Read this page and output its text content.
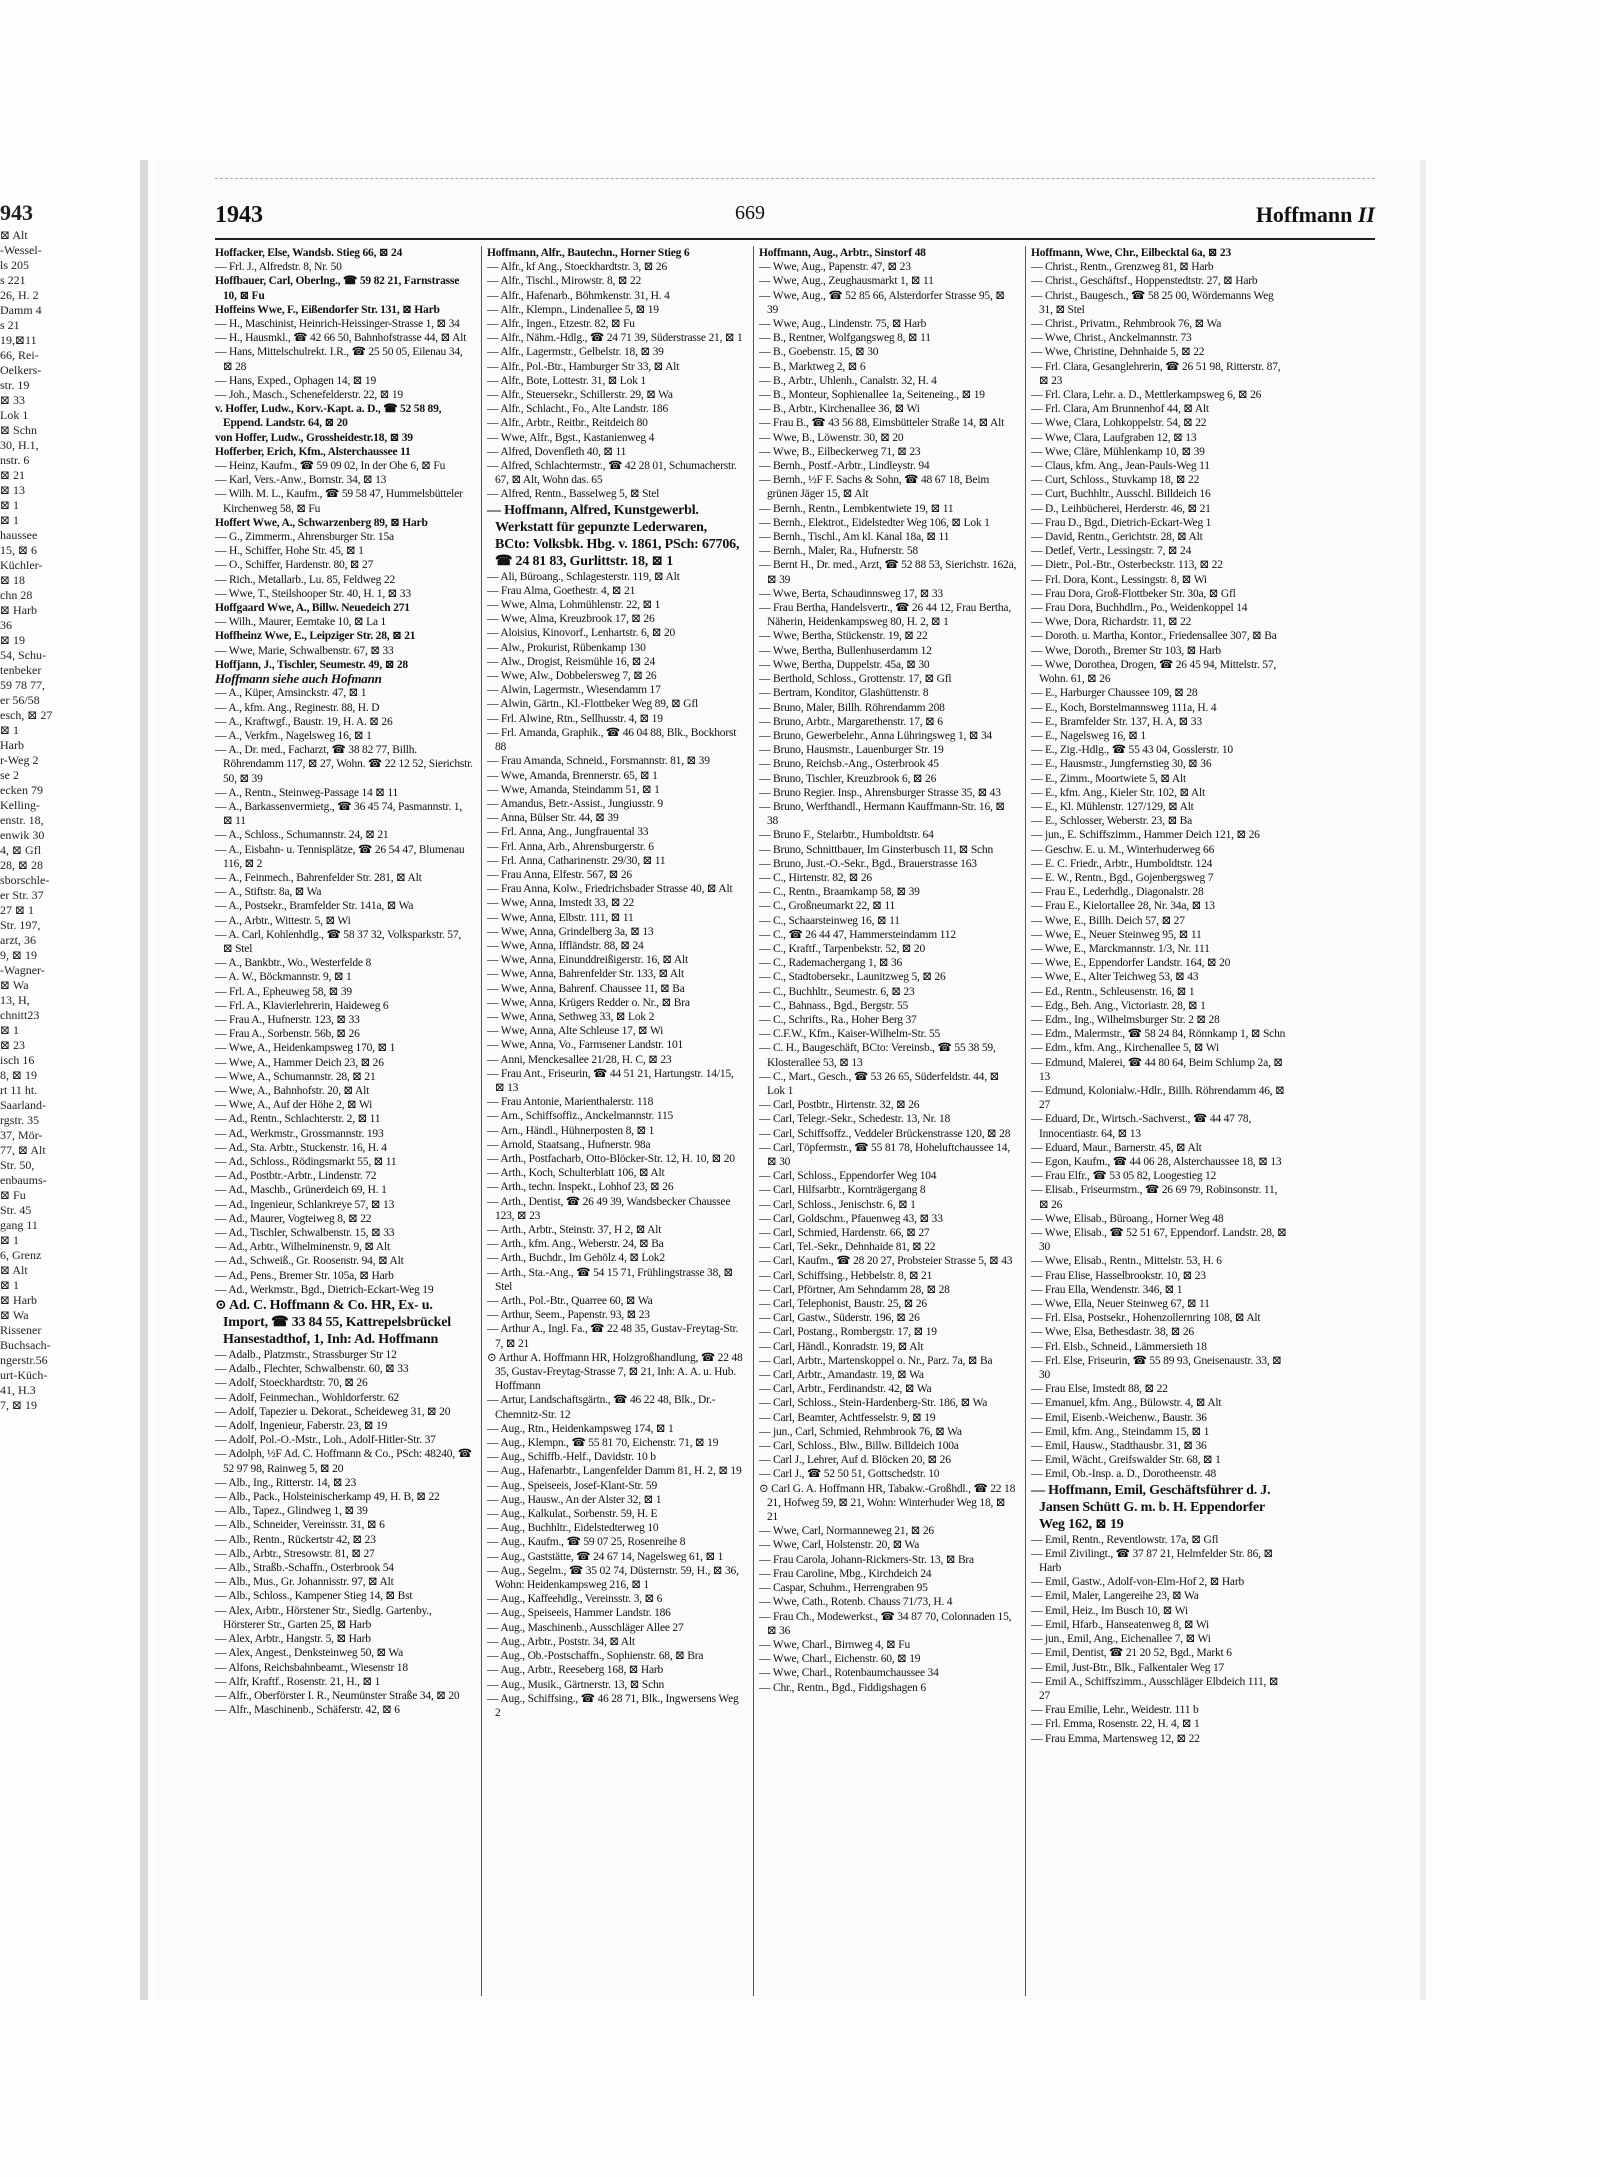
943
⊠ Alt
-Wessel-
ls 205
s 221
26, H. 2
Damm 4
s 21
19,⊠11
66, Rei-
Oelkers-
str. 19
⊠ 33
Lok 1
⊠ Schn
30, H.1,
nstr. 6
⊠ 21
⊠ 13
⊠ 1
⊠ 1
haussee
15, ⊠ 6
Küchler-
⊠ 18
chn 28
⊠ Harb
36
⊠ 19
54, Schu-
tenbeker
59 78 77,
er 56/58
esch, ⊠ 27
⊠ 1
Harb
r-Weg 2
se 2
ecken 79
Kelling-
enstr. 18,
enwik 30
4, ⊠ Gfl
28, ⊠ 28
sborschle-
er Str. 37
27 ⊠ 1
Str. 197,
arzt, 36
9, ⊠ 19
-Wagner-
⊠ Wa
13, H,
chnitt23
⊠ 1
⊠ 23
isch 16
8, ⊠ 19
rt 11 ht.
Saarland-
rgstr. 35
37, Mör-
77, ⊠ Alt
Str. 50,
enbaums-
⊠ Fu
Str. 45
gang 11
⊠ 1
6, Grenz
⊠ Alt
⊠ 1
⊠ Harb
⊠ Wa
Rissener
Buchsach-
ngerstr.56
urt-Küch-
41, H.3
7, ⊠ 19
1943	669	Hoffmann II

Hoffacker, Else, Wandsb. Stieg 66, ⊠ 24

— Frl. J., Alfredstr. 8, Nr. 50

Hoffbauer, Carl, Oberlng., ☎ 59 82 21, Farnstrasse 10, ⊠ Fu

Hoffeins Wwe, F., Eißendorfer Str. 131, ⊠ Harb

— H., Maschinist, Heinrich-Heissinger-Strasse 1, ⊠ 34

— H., Hausmkl., ☎ 42 66 50, Bahnhofstrasse 44, ⊠ Alt

— Hans, Mittelschulrekt. I.R., ☎ 25 50 05, Eilenau 34, ⊠ 28

— Hans, Exped., Ophagen 14, ⊠ 19

— Joh., Masch., Schenefelderstr. 22, ⊠ 19

v. Hoffer, Ludw., Korv.-Kapt. a. D., ☎ 52 58 89, Eppend. Landstr. 64, ⊠ 20

von Hoffer, Ludw., Grossheidestr.18, ⊠ 39

Hofferber, Erich, Kfm., Alsterchaussee 11

— Heinz, Kaufm., ☎ 59 09 02, In der Ohe 6, ⊠ Fu

— Karl, Vers.-Anw., Bornstr. 34, ⊠ 13

— Wilh. M. L., Kaufm., ☎ 59 58 47, Hummelsbütteler Kirchenweg 58, ⊠ Fu

Hoffert Wwe, A., Schwarzenberg 89, ⊠ Harb

— G., Zimmerm., Ahrensburger Str. 15a

— H., Schiffer, Hohe Str. 45, ⊠ 1

— O., Schiffer, Hardenstr. 80, ⊠ 27

— Rich., Metallarb., Lu. 85, Feldweg 22

— Wwe, T., Steilshooper Str. 40, H. 1, ⊠ 33

Hoffgaard Wwe, A., Billw. Neuedeich 271

— Wilh., Maurer, Eemtake 10, ⊠ La 1

Hoffheinz Wwe, E., Leipziger Str. 28, ⊠ 21

— Wwe, Marie, Schwalbenstr. 67, ⊠ 33

Hoffjann, J., Tischler, Seumestr. 49, ⊠ 28

Hoffmann siehe auch Hofmann

— A., Küper, Amsinckstr. 47, ⊠ 1

— A., kfm. Ang., Reginestr. 88, H. D

— A., Kraftwgf., Baustr. 19, H. A. ⊠ 26

— A., Verkfm., Nagelsweg 16, ⊠ 1

— A., Dr. med., Facharzt, ☎ 38 82 77, Billh. Röhrendamm 117, ⊠ 27, Wohn. ☎ 22 12 52, Sierichstr. 50, ⊠ 39

— A., Rentn., Steinweg-Passage 14 ⊠ 11

— A., Barkassenvermietg., ☎ 36 45 74, Pasmannstr. 1, ⊠ 11

— A., Schloss., Schumannstr. 24, ⊠ 21

— A., Eisbahn- u. Tennisplätze, ☎ 26 54 47, Blumenau 116, ⊠ 2

— A., Feinmech., Bahrenfelder Str. 281, ⊠ Alt

— A., Stiftstr. 8a, ⊠ Wa

— A., Postsekr., Bramfelder Str. 141a, ⊠ Wa

— A., Arbtr., Wittestr. 5, ⊠ Wi

— A. Carl, Kohlenhdlg., ☎ 58 37 32, Volksparkstr. 57, ⊠ Stel

— A., Bankbtr., Wo., Westerfelde 8

— A. W., Böckmannstr. 9, ⊠ 1

— Frl. A., Epheuweg 58, ⊠ 39

— Frl. A., Klavierlehrerin, Haideweg 6

— Frau A., Hufnerstr. 123, ⊠ 33

— Frau A., Sorbenstr. 56b, ⊠ 26

— Wwe, A., Heidenkampsweg 170, ⊠ 1

— Wwe, A., Hammer Deich 23, ⊠ 26

— Wwe, A., Schumannstr. 28, ⊠ 21

— Wwe, A., Bahnhofstr. 20, ⊠ Alt

— Wwe, A., Auf der Höhe 2, ⊠ Wi

— Ad., Rentn., Schlachterstr. 2, ⊠ 11

— Ad., Werkmstr., Grossmannstr. 193

— Ad., Sta. Arbtr., Stuckenstr. 16, H. 4

— Ad., Schloss., Rödingsmarkt 55, ⊠ 11

— Ad., Postbtr.-Arbtr., Lindenstr. 72

— Ad., Maschb., Grünerdeich 69, H. 1

— Ad., Ingenieur, Schlankreye 57, ⊠ 13

— Ad., Maurer, Vogteiweg 8, ⊠ 22

— Ad., Tischler, Schwalbenstr. 15, ⊠ 33

— Ad., Arbtr., Wilhelminenstr. 9, ⊠ Alt

— Ad., Schweiß., Gr. Roosenstr. 94, ⊠ Alt

— Ad., Pens., Bremer Str. 105a, ⊠ Harb

— Ad., Werkmstr., Bgd., Dietrich-Eckart-Weg 19

⊙ Ad. C. Hoffmann & Co. HR, Ex- u. Import, ☎ 33 84 55, Kattrepelsbrückel Hansestadthof, 1, Inh: Ad. Hoffmann

— Adalb., Platzmstr., Strassburger Str 12

— Adalb., Flechter, Schwalbenstr. 60, ⊠ 33

— Adolf, Stoeckhardtstr. 70, ⊠ 26

— Adolf, Feinmechan., Wohldorferstr. 62

— Adolf, Tapezier u. Dekorat., Scheideweg 31, ⊠ 20

— Adolf, Ingenieur, Faberstr. 23, ⊠ 19

— Adolf, Pol.-O.-Mstr., Loh., Adolf-Hitler-Str. 37

— Adolph, ½F Ad. C. Hoffmann & Co., PSch: 48240, ☎ 52 97 98, Rainweg 5, ⊠ 20

— Alb., Ing., Ritterstr. 14, ⊠ 23

— Alb., Pack., Holsteinischerkamp 49, H. B, ⊠ 22

— Alb., Tapez., Glindweg 1, ⊠ 39

— Alb., Schneider, Vereinsstr. 31, ⊠ 6

— Alb., Rentn., Rückertstr 42, ⊠ 23

— Alb., Arbtr., Stresowstr. 81, ⊠ 27

— Alb., Straßb.-Schaffn., Osterbrook 54

— Alb., Mus., Gr. Johannisstr. 97, ⊠ Alt

— Alb., Schloss., Kampener Stieg 14, ⊠ Bst

— Alex, Arbtr., Hörstener Str., Siedlg. Gartenby., Hörsterer Str., Garten 25, ⊠ Harb

— Alex, Arbtr., Hangstr. 5, ⊠ Harb

— Alex, Angest., Denksteinweg 50, ⊠ Wa

— Alfons, Reichsbahnbeamt., Wiesenstr 18

— Alfr, Kraftf., Rosenstr. 21, H., ⊠ 1

— Alfr., Oberförster I. R., Neumünster Straße 34, ⊠ 20

— Alfr., Maschinenb., Schäferstr. 42, ⊠ 6

Hoffmann, Alfr., Bautechn., Horner Stieg 6

— Alfr., kf Ang., Stoeckhardtstr. 3, ⊠ 26

— Alfr., Tischl., Mirowstr. 8, ⊠ 22

— Alfr., Hafenarb., Böhmkenstr. 31, H. 4

— Alfr., Klempn., Lindenallee 5, ⊠ 19

— Alfr., Ingen., Etzestr. 82, ⊠ Fu

— Alfr., Nähm.-Hdlg., ☎ 24 71 39, Süderstrasse 21, ⊠ 1

— Alfr., Lagermstr., Gelbelstr. 18, ⊠ 39

— Alfr., Pol.-Btr., Hamburger Str 33, ⊠ Alt

— Alfr., Bote, Lottestr. 31, ⊠ Lok 1

— Alfr., Steuersekr., Schillerstr. 29, ⊠ Wa

— Alfr., Schlacht., Fo., Alte Landstr. 186

— Alfr., Arbtr., Reitbr., Reitdeich 80

— Wwe, Alfr., Bgst., Kastanienweg 4

— Alfred, Dovenfleth 40, ⊠ 11

— Alfred, Schlachtermstr., ☎ 42 28 01, Schumacherstr. 67, ⊠ Alt, Wohn das. 65

— Alfred, Rentn., Basselweg 5, ⊠ Stel

— Hoffmann, Alfred, Kunstgewerbl. Werkstatt für gepunzte Lederwaren, BCto: Volksbk. Hbg. v. 1861, PSch: 67706, ☎ 24 81 83, Gurlittstr. 18, ⊠ 1

— Ali, Büroang., Schlagesterstr. 119, ⊠ Alt

— Frau Alma, Goethestr. 4, ⊠ 21

— Wwe, Alma, Lohmühlenstr. 22, ⊠ 1

— Wwe, Alma, Kreuzbrook 17, ⊠ 26

— Aloisius, Kinovorf., Lenhartstr. 6, ⊠ 20

— Alw., Prokurist, Rübenkamp 130

— Alw., Drogist, Reismühle 16, ⊠ 24

— Wwe, Alw., Dobbelersweg 7, ⊠ 26

— Alwin, Lagermstr., Wiesendamm 17

— Alwin, Gärtn., Kl.-Flottbeker Weg 89, ⊠ Gfl

— Frl. Alwine, Rtn., Sellhusstr. 4, ⊠ 19

— Frl. Amanda, Graphik., ☎ 46 04 88, Blk., Bockhorst 88

— Frau Amanda, Schneid., Forsmannstr. 81, ⊠ 39

— Wwe, Amanda, Brennerstr. 65, ⊠ 1

— Wwe, Amanda, Steindamm 51, ⊠ 1

— Amandus, Betr.-Assist., Jungiusstr. 9

— Anna, Bülser Str. 44, ⊠ 39

— Frl. Anna, Ang., Jungfrauental 33

— Frl. Anna, Arb., Ahrensburgerstr. 6

— Frl. Anna, Catharinenstr. 29/30, ⊠ 11

— Frau Anna, Elfestr. 567, ⊠ 26

— Frau Anna, Kolw., Friedrichsbader Strasse 40, ⊠ Alt

— Wwe, Anna, Imstedt 33, ⊠ 22

— Wwe, Anna, Elbstr. 111, ⊠ 11

— Wwe, Anna, Grindelberg 3a, ⊠ 13

— Wwe, Anna, Iffländstr. 88, ⊠ 24

— Wwe, Anna, Einunddreißigerstr. 16, ⊠ Alt

— Wwe, Anna, Bahrenfelder Str. 133, ⊠ Alt

— Wwe, Anna, Bahrenf. Chaussee 11, ⊠ Ba

— Wwe, Anna, Krügers Redder o. Nr., ⊠ Bra

— Wwe, Anna, Sethweg 33, ⊠ Lok 2

— Wwe, Anna, Alte Schleuse 17, ⊠ Wi

— Wwe, Anna, Vo., Farmsener Landstr. 101

— Anni, Menckesallee 21/28, H. C, ⊠ 23

— Frau Ant., Friseurin, ☎ 44 51 21, Hartungstr. 14/15, ⊠ 13

— Frau Antonie, Marienthalerstr. 118

— Arn., Schiffsoffiz., Anckelmannstr. 115

— Arn., Händl., Hühnerposten 8, ⊠ 1

— Arnold, Staatsang., Hufnerstr. 98a

— Arth., Postfacharb, Otto-Blöcker-Str. 12, H. 10, ⊠ 20

— Arth., Koch, Schulterblatt 106, ⊠ Alt

— Arth., techn. Inspekt., Lohhof 23, ⊠ 26

— Arth., Dentist, ☎ 26 49 39, Wandsbecker Chaussee 123, ⊠ 23

— Arth., Arbtr., Steinstr. 37, H 2, ⊠ Alt

— Arth., kfm. Ang., Weberstr. 24, ⊠ Ba

— Arth., Buchdr., Im Gehölz 4, ⊠ Lok2

— Arth., Sta.-Ang., ☎ 54 15 71, Frühlingstrasse 38, ⊠ Stel

— Arth., Pol.-Btr., Quarree 60, ⊠ Wa

— Arthur, Seem., Papenstr. 93, ⊠ 23

— Arthur A., Ingl. Fa., ☎ 22 48 35, Gustav-Freytag-Str. 7, ⊠ 21

⊙ Arthur A. Hoffmann HR, Holzgroßhandlung, ☎ 22 48 35, Gustav-Freytag-Strasse 7, ⊠ 21, Inh: A. A. u. Hub. Hoffmann

— Artur, Landschaftsgärtn., ☎ 46 22 48, Blk., Dr.-Chemnitz-Str. 12

— Aug., Rtn., Heidenkampsweg 174, ⊠ 1

— Aug., Klempn., ☎ 55 81 70, Eichenstr. 71, ⊠ 19

— Aug., Schiffb.-Helf., Davidstr. 10 b

— Aug., Hafenarbtr., Langenfelder Damm 81, H. 2, ⊠ 19

— Aug., Speiseeis, Josef-Klant-Str. 59

— Aug., Hausw., An der Alster 32, ⊠ 1

— Aug., Kalkulat., Sorbenstr. 59, H. E

— Aug., Buchhltr., Eidelstedterweg 10

— Aug., Kaufm., ☎ 59 07 25, Rosenreihe 8

— Aug., Gaststätte, ☎ 24 67 14, Nagelsweg 61, ⊠ 1

— Aug., Segelm., ☎ 35 02 74, Düsternstr. 59, H., ⊠ 36, Wohn: Heidenkampsweg 216, ⊠ 1

— Aug., Kaffeehdlg., Vereinsstr. 3, ⊠ 6

— Aug., Speiseeis, Hammer Landstr. 186

— Aug., Maschinenb., Ausschläger Allee 27

— Aug., Arbtr., Poststr. 34, ⊠ Alt

— Aug., Ob.-Postschaffn., Sophienstr. 68, ⊠ Bra

— Aug., Arbtr., Reeseberg 168, ⊠ Harb

— Aug., Musik., Gärtnerstr. 13, ⊠ Schn

— Aug., Schiffsing., ☎ 46 28 71, Blk., Ingwersens Weg 2

Hoffmann, Aug., Arbtr., Sinstorf 48

— Wwe, Aug., Papenstr. 47, ⊠ 23

— Wwe, Aug., Zeughausmarkt 1, ⊠ 11

— Wwe, Aug., ☎ 52 85 66, Alsterdorfer Strasse 95, ⊠ 39

— Wwe, Aug., Lindenstr. 75, ⊠ Harb

— B., Rentner, Wolfgangsweg 8, ⊠ 11

— B., Goebenstr. 15, ⊠ 30

— B., Marktweg 2, ⊠ 6

— B., Arbtr., Uhlenh., Canalstr. 32, H. 4

— B., Monteur, Sophienallee 1a, Seiteneing., ⊠ 19

— B., Arbtr., Kirchenallee 36, ⊠ Wi

— Frau B., ☎ 43 56 88, Eimsbütteler Straße 14, ⊠ Alt

— Wwe, B., Löwenstr. 30, ⊠ 20

— Wwe, B., Eilbeckerweg 71, ⊠ 23

— Bernh., Postf.-Arbtr., Lindleystr. 94

— Bernh., ½F F. Sachs & Sohn, ☎ 48 67 18, Beim grünen Jäger 15, ⊠ Alt

— Bernh., Rentn., Lembkentwiete 19, ⊠ 11

— Bernh., Elektrot., Eidelstedter Weg 106, ⊠ Lok 1

— Bernh., Tischl., Am kl. Kanal 18a, ⊠ 11

— Bernh., Maler, Ra., Hufnerstr. 58

— Bernt H., Dr. med., Arzt, ☎ 52 88 53, Sierichstr. 162a, ⊠ 39

— Wwe, Berta, Schaudinnsweg 17, ⊠ 33

— Frau Bertha, Handelsvertr., ☎ 26 44 12, Frau Bertha, Näherin, Heidenkampsweg 80, H. 2, ⊠ 1

— Wwe, Bertha, Stückenstr. 19, ⊠ 22

— Wwe, Bertha, Bullenhuserdamm 12

— Wwe, Bertha, Duppelstr. 45a, ⊠ 30

— Berthold, Schloss., Grottenstr. 17, ⊠ Gfl

— Bertram, Konditor, Glashüttenstr. 8

— Bruno, Maler, Billh. Röhrendamm 208

— Bruno, Arbtr., Margarethenstr. 17, ⊠ 6

— Bruno, Gewerbelehr., Anna Lühringsweg 1, ⊠ 34

— Bruno, Hausmstr., Lauenburger Str. 19

— Bruno, Reichsb.-Ang., Osterbrook 45

— Bruno, Tischler, Kreuzbrook 6, ⊠ 26

— Bruno Regier. Insp., Ahrensburger Strasse 35, ⊠ 43

— Bruno, Werfthandl., Hermann Kauffmann-Str. 16, ⊠ 38

— Bruno F., Stelarbtr., Humboldtstr. 64

— Bruno, Schnittbauer, Im Ginsterbusch 11, ⊠ Schn

— Bruno, Just.-O.-Sekr., Bgd., Brauerstrasse 163

— C., Hirtenstr. 82, ⊠ 26

— C., Rentn., Braamkamp 58, ⊠ 39

— C., Großneumarkt 22, ⊠ 11

— C., Schaarsteinweg 16, ⊠ 11

— C., ☎ 26 44 47, Hammersteindamm 112

— C., Kraftf., Tarpenbekstr. 52, ⊠ 20

— C., Rademachergang 1, ⊠ 36

— C., Stadtobersekr., Launitzweg 5, ⊠ 26

— C., Buchhltr., Seumestr. 6, ⊠ 23

— C., Bahnass., Bgd., Bergstr. 55

— C., Schrifts., Ra., Hoher Berg 37

— C.F.W., Kfm., Kaiser-Wilhelm-Str. 55

— C. H., Baugeschäft, BCto: Vereinsb., ☎ 55 38 59, Klosterallee 53, ⊠ 13

— C., Mart., Gesch., ☎ 53 26 65, Süderfeldstr. 44, ⊠ Lok 1

— Carl, Postbtr., Hirtenstr. 32, ⊠ 26

— Carl, Telegr.-Sekr., Schedestr. 13, Nr. 18

— Carl, Schiffsoffz., Veddeler Brückenstrasse 120, ⊠ 28

— Carl, Töpfermstr., ☎ 55 81 78, Hoheluftchaussee 14, ⊠ 30

— Carl, Schloss., Eppendorfer Weg 104

— Carl, Hilfsarbtr., Kornträgergang 8

— Carl, Schloss., Jenischstr. 6, ⊠ 1

— Carl, Goldschm., Pfauenweg 43, ⊠ 33

— Carl, Schmied, Hardenstr. 66, ⊠ 27

— Carl, Tel.-Sekr., Dehnhaide 81, ⊠ 22

— Carl, Kaufm., ☎ 28 20 27, Probsteier Strasse 5, ⊠ 43

— Carl, Schiffsing., Hebbelstr. 8, ⊠ 21

— Carl, Pförtner, Am Sehndamm 28, ⊠ 28

— Carl, Telephonist, Baustr. 25, ⊠ 26

— Carl, Gastw., Süderstr. 196, ⊠ 26

— Carl, Postang., Rombergstr. 17, ⊠ 19

— Carl, Händl., Konradstr. 19, ⊠ Alt

— Carl, Arbtr., Martenskoppel o. Nr., Parz. 7a, ⊠ Ba

— Carl, Arbtr., Amandastr. 19, ⊠ Wa

— Carl, Arbtr., Ferdinandstr. 42, ⊠ Wa

— Carl, Schloss., Stein-Hardenberg-Str. 186, ⊠ Wa

— Carl, Beamter, Achtfesselstr. 9, ⊠ 19

— jun., Carl, Schmied, Rehmbrook 76, ⊠ Wa

— Carl, Schloss., Blw., Billw. Billdeich 100a

— Carl J., Lehrer, Auf d. Blöcken 20, ⊠ 26

— Carl J., ☎ 52 50 51, Gottschedstr. 10

⊙ Carl G. A. Hoffmann HR, Tabakw.-Großhdl., ☎ 22 18 21, Hofweg 59, ⊠ 21, Wohn: Winterhuder Weg 18, ⊠ 21

— Wwe, Carl, Normanneweg 21, ⊠ 26

— Wwe, Carl, Holstenstr. 20, ⊠ Wa

— Frau Carola, Johann-Rickmers-Str. 13, ⊠ Bra

— Frau Caroline, Mbg., Kirchdeich 24

— Caspar, Schuhm., Herrengraben 95

— Wwe, Cath., Rotenb. Chauss 71/73, H. 4

— Frau Ch., Modewerkst., ☎ 34 87 70, Colonnaden 15, ⊠ 36

— Wwe, Charl., Birnweg 4, ⊠ Fu

— Wwe, Charl., Eichenstr. 60, ⊠ 19

— Wwe, Charl., Rotenbaumchaussee 34

— Chr., Rentn., Bgd., Fiddigshagen 6

Hoffmann, Wwe, Chr., Eilbecktal 6a, ⊠ 23

— Christ., Rentn., Grenzweg 81, ⊠ Harb

— Christ., Geschäftsf., Hoppenstedtstr. 27, ⊠ Harb

— Christ., Baugesch., ☎ 58 25 00, Wördemanns Weg 31, ⊠ Stel

— Christ., Privatm., Rehmbrook 76, ⊠ Wa

— Wwe, Christ., Anckelmannstr. 73

— Wwe, Christine, Dehnhaide 5, ⊠ 22

— Frl. Clara, Gesanglehrerin, ☎ 26 51 98, Ritterstr. 87, ⊠ 23

— Frl. Clara, Lehr. a. D., Mettlerkampsweg 6, ⊠ 26

— Frl. Clara, Am Brunnenhof 44, ⊠ Alt

— Wwe, Clara, Lohkoppelstr. 54, ⊠ 22

— Wwe, Clara, Laufgraben 12, ⊠ 13

— Wwe, Cläre, Mühlenkamp 10, ⊠ 39

— Claus, kfm. Ang., Jean-Pauls-Weg 11

— Curt, Schloss., Stuvkamp 18, ⊠ 22

— Curt, Buchhltr., Ausschl. Billdeich 16

— D., Leihbücherei, Herderstr. 46, ⊠ 21

— Frau D., Bgd., Dietrich-Eckart-Weg 1

— David, Rentn., Gerichtstr. 28, ⊠ Alt

— Detlef, Vertr., Lessingstr. 7, ⊠ 24

— Dietr., Pol.-Btr., Osterbeckstr. 113, ⊠ 22

— Frl. Dora, Kont., Lessingstr. 8, ⊠ Wi

— Frau Dora, Groß-Flottbeker Str. 30a, ⊠ Gfl

— Frau Dora, Buchhdlrn., Po., Weidenkoppel 14

— Wwe, Dora, Richardstr. 11, ⊠ 22

— Doroth. u. Martha, Kontor., Friedensallee 307, ⊠ Ba

— Wwe, Doroth., Bremer Str 103, ⊠ Harb

— Wwe, Dorothea, Drogen, ☎ 26 45 94, Mittelstr. 57, Wohn. 61, ⊠ 26

— E., Harburger Chaussee 109, ⊠ 28

— E., Koch, Borstelmannsweg 111a, H. 4

— E., Bramfelder Str. 137, H. A, ⊠ 33

— E., Nagelsweg 16, ⊠ 1

— E., Zig.-Hdlg., ☎ 55 43 04, Gosslerstr. 10

— E., Hausmstr., Jungfernstieg 30, ⊠ 36

— E., Zimm., Moortwiete 5, ⊠ Alt

— E., kfm. Ang., Kieler Str. 102, ⊠ Alt

— E., Kl. Mühlenstr. 127/129, ⊠ Alt

— E., Schlosser, Weberstr. 23, ⊠ Ba

— jun., E. Schiffszimm., Hammer Deich 121, ⊠ 26

— Geschw. E. u. M., Winterhuderweg 66

— E. C. Friedr., Arbtr., Humboldtstr. 124

— E. W., Rentn., Bgd., Gojenbergsweg 7

— Frau E., Lederhdlg., Diagonalstr. 28

— Frau E., Kielortallee 28, Nr. 34a, ⊠ 13

— Wwe, E., Billh. Deich 57, ⊠ 27

— Wwe, E., Neuer Steinweg 95, ⊠ 11

— Wwe, E., Marckmannstr. 1/3, Nr. 111

— Wwe, E., Eppendorfer Landstr. 164, ⊠ 20

— Wwe, E., Alter Teichweg 53, ⊠ 43

— Ed., Rentn., Schleusenstr. 16, ⊠ 1

— Edg., Beh. Ang., Victoriastr. 28, ⊠ 1

— Edm., Ing., Wilhelmsburger Str. 2 ⊠ 28

— Edm., Malermstr., ☎ 58 24 84, Rönnkamp 1, ⊠ Schn

— Edm., kfm. Ang., Kirchenallee 5, ⊠ Wi

— Edmund, Malerei, ☎ 44 80 64, Beim Schlump 2a, ⊠ 13

— Edmund, Kolonialw.-Hdlr., Billh. Röhrendamm 46, ⊠ 27

— Eduard, Dr., Wirtsch.-Sachverst., ☎ 44 47 78, Innocentiastr. 64, ⊠ 13

— Eduard, Maur., Barnerstr. 45, ⊠ Alt

— Egon, Kaufm., ☎ 44 06 28, Alsterchaussee 18, ⊠ 13

— Frau Elfr., ☎ 53 05 82, Loogestieg 12

— Elisab., Friseurmstrn., ☎ 26 69 79, Robinsonstr. 11, ⊠ 26

— Wwe, Elisab., Büroang., Horner Weg 48

— Wwe, Elisab., ☎ 52 51 67, Eppendorf. Landstr. 28, ⊠ 30

— Wwe, Elisab., Rentn., Mittelstr. 53, H. 6

— Frau Elise, Hasselbrookstr. 10, ⊠ 23

— Frau Ella, Wendenstr. 346, ⊠ 1

— Wwe, Ella, Neuer Steinweg 67, ⊠ 11

— Frl. Elsa, Postsekr., Hohenzollernring 108, ⊠ Alt

— Wwe, Elsa, Bethesdastr. 38, ⊠ 26

— Frl. Elsb., Schneid., Lämmersieth 18

— Frl. Else, Friseurin, ☎ 55 89 93, Gneisenaustr. 33, ⊠ 30

— Frau Else, Imstedt 88, ⊠ 22

— Emanuel, kfm. Ang., Bülowstr. 4, ⊠ Alt

— Emil, Eisenb.-Weichenw., Baustr. 36

— Emil, kfm. Ang., Steindamm 15, ⊠ 1

— Emil, Hausw., Stadthausbr. 31, ⊠ 36

— Emil, Wächt., Greifswalder Str. 68, ⊠ 1

— Emil, Ob.-Insp. a. D., Dorotheenstr. 48

— Hoffmann, Emil, Geschäftsführer d. J. Jansen Schütt G. m. b. H. Eppendorfer Weg 162, ⊠ 19

— Emil, Rentn., Reventlowstr. 17a, ⊠ Gfl

— Emil Zivilingt., ☎ 37 87 21, Helmfelder Str. 86, ⊠ Harb

— Emil, Gastw., Adolf-von-Elm-Hof 2, ⊠ Harb

— Emil, Maler, Langereihe 23, ⊠ Wa

— Emil, Heiz., Im Busch 10, ⊠ Wi

— Emil, Hfarb., Hanseatenweg 8, ⊠ Wi

— jun., Emil, Ang., Eichenallee 7, ⊠ Wi

— Emil, Dentist, ☎ 21 20 52, Bgd., Markt 6

— Emil, Just-Btr., Blk., Falkentaler Weg 17

— Emil A., Schiffszimm., Ausschläger Elbdeich 111, ⊠ 27

— Frau Emilie, Lehr., Weidestr. 111 b

— Frl. Emma, Rosenstr. 22, H. 4, ⊠ 1

— Frau Emma, Martensweg 12, ⊠ 22
